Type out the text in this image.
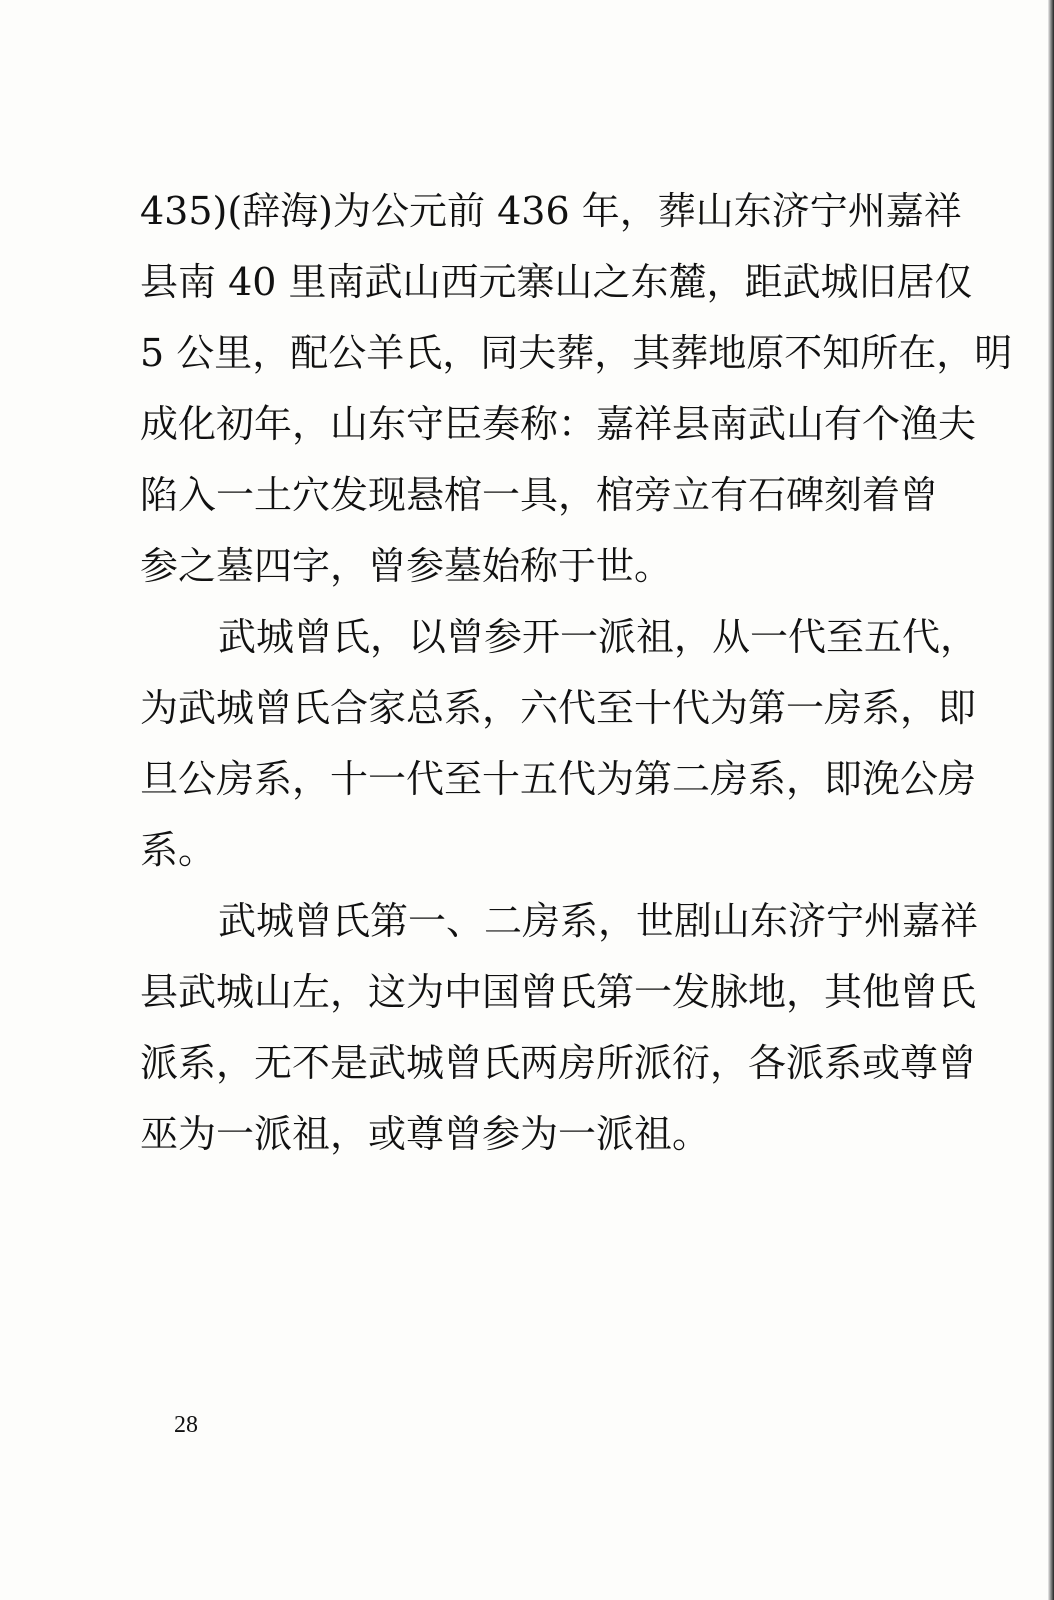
435)(辞海)为公元前 436 年，葬山东济宁州嘉祥
县南 40 里南武山西元寨山之东麓，距武城旧居仅
5 公里，配公羊氏，同夫葬，其葬地原不知所在，明
成化初年，山东守臣奏称：嘉祥县南武山有个渔夫
陷入一土穴发现悬棺一具，棺旁立有石碑刻着曾
参之墓四字，曾参墓始称于世。
武城曾氏，以曾参开一派祖，从一代至五代，
为武城曾氏合家总系，六代至十代为第一房系，即
旦公房系，十一代至十五代为第二房系，即浼公房
系。
武城曾氏第一、二房系，世剧山东济宁州嘉祥
县武城山左，这为中国曾氏第一发脉地，其他曾氏
派系，无不是武城曾氏两房所派衍，各派系或尊曾
巫为一派祖，或尊曾参为一派祖。
28
